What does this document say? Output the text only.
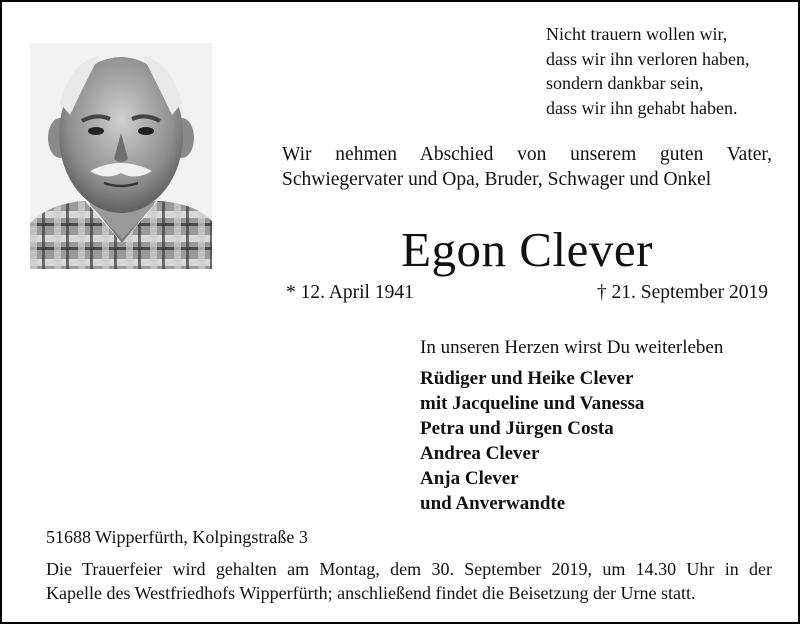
Nicht trauern wollen wir,
dass wir ihn verloren haben,
sondern dankbar sein,
dass wir ihn gehabt haben.
Wir nehmen Abschied von unserem guten Vater,
Schwiegervater und Opa, Bruder, Schwager und Onkel
Egon Clever
* 12. April 1941	† 21. September 2019
In unseren Herzen wirst Du weiterleben
Rüdiger und Heike Clever
mit Jacqueline und Vanessa
Petra und Jürgen Costa
Andrea Clever
Anja Clever
und Anverwandte
51688 Wipperfürth, Kolpingstraße 3
Die Trauerfeier wird gehalten am Montag, dem 30. September 2019, um 14.30 Uhr in der
Kapelle des Westfriedhofs Wipperfürth; anschließend findet die Beisetzung der Urne statt.
